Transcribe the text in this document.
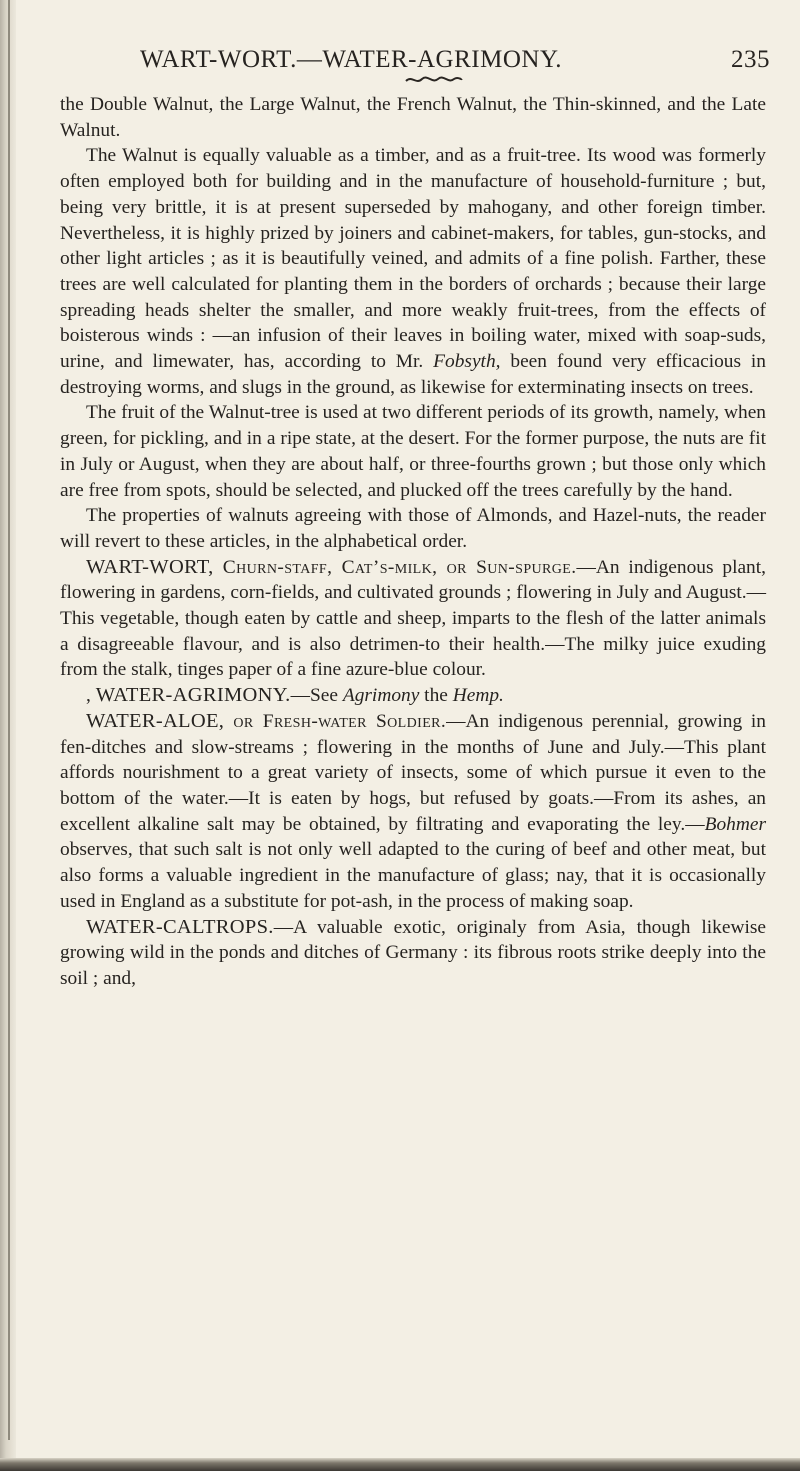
WART-WORT.—WATER-AGRIMONY.	235

the Double Walnut, the Large Walnut, the French Walnut, the Thin-skinned, and the Late Walnut.

The Walnut is equally valuable as a timber, and as a fruit-tree. Its wood was formerly often employed both for building and in the manufacture of household-furniture ; but, being very brittle, it is at present superseded by mahogany, and other foreign timber. Nevertheless, it is highly prized by joiners and cabinet-makers, for tables, gun-stocks, and other light articles ; as it is beautifully veined, and admits of a fine polish. Farther, these trees are well calculated for planting them in the borders of orchards ; because their large spreading heads shelter the smaller, and more weakly fruit-trees, from the effects of boisterous winds : —an infusion of their leaves in boiling water, mixed with soap-suds, urine, and limewater, has, according to Mr. Fobsyth, been found very efficacious in destroying worms, and slugs in the ground, as likewise for exterminating insects on trees.

The fruit of the Walnut-tree is used at two different periods of its growth, namely, when green, for pickling, and in a ripe state, at the desert. For the former purpose, the nuts are fit in July or August, when they are about half, or three-fourths grown ; but those only which are free from spots, should be selected, and plucked off the trees carefully by the hand.

The properties of walnuts agreeing with those of Almonds, and Hazel-nuts, the reader will revert to these articles, in the alphabetical order.

WART-WORT, Churn-staff, Cat’s-milk, or Sun-spurge.—An indigenous plant, flowering in gardens, corn-fields, and cultivated grounds ; flowering in July and August.—This vegetable, though eaten by cattle and sheep, imparts to the flesh of the latter animals a disagreeable flavour, and is also detrimen-to their health.—The milky juice exuding from the stalk, tinges paper of a fine azure-blue colour.

, WATER-AGRIMONY.—See Agrimony the Hemp.

WATER-ALOE, or Fresh-water Soldier.—An indigenous perennial, growing in fen-ditches and slow-streams ; flowering in the months of June and July.—This plant affords nourishment to a great variety of insects, some of which pursue it even to the bottom of the water.—It is eaten by hogs, but refused by goats.—From its ashes, an excellent alkaline salt may be obtained, by filtrating and evaporating the ley.—Bohmer observes, that such salt is not only well adapted to the curing of beef and other meat, but also forms a valuable ingredient in the manufacture of glass; nay, that it is occasionally used in England as a substitute for pot-ash, in the process of making soap.

WATER-CALTROPS.—A valuable exotic, originaly from Asia, though likewise growing wild in the ponds and ditches of Germany : its fibrous roots strike deeply into the soil ; and,
